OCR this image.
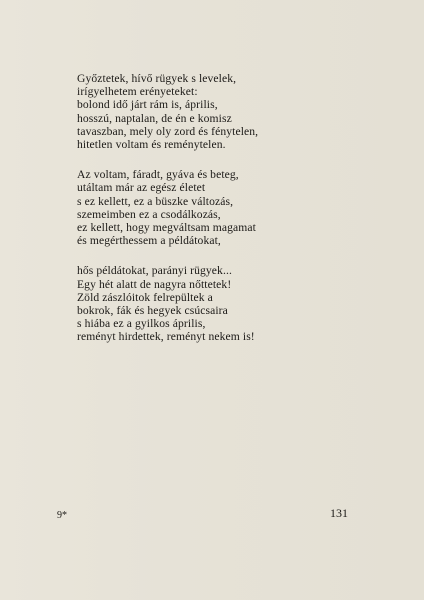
Győztetek, hívő rügyek s levelek,
irígyelhetem erényeteket:
bolond idő járt rám is, április,
hosszú, naptalan, de én e komisz
tavaszban, mely oly zord és fénytelen,
hitetlen voltam és reménytelen.
Az voltam, fáradt, gyáva és beteg,
utáltam már az egész életet
s ez kellett, ez a büszke változás,
szemeimben ez a csodálkozás,
ez kellett, hogy megváltsam magamat
és megérthessem a példátokat,
hős példátokat, parányi rügyek...
Egy hét alatt de nagyra nőttetek!
Zöld zászlóitok felrepültek a
bokrok, fák és hegyek csúcsaira
s hiába ez a gyilkos április,
reményt hirdettek, reményt nekem is!
9*	131
